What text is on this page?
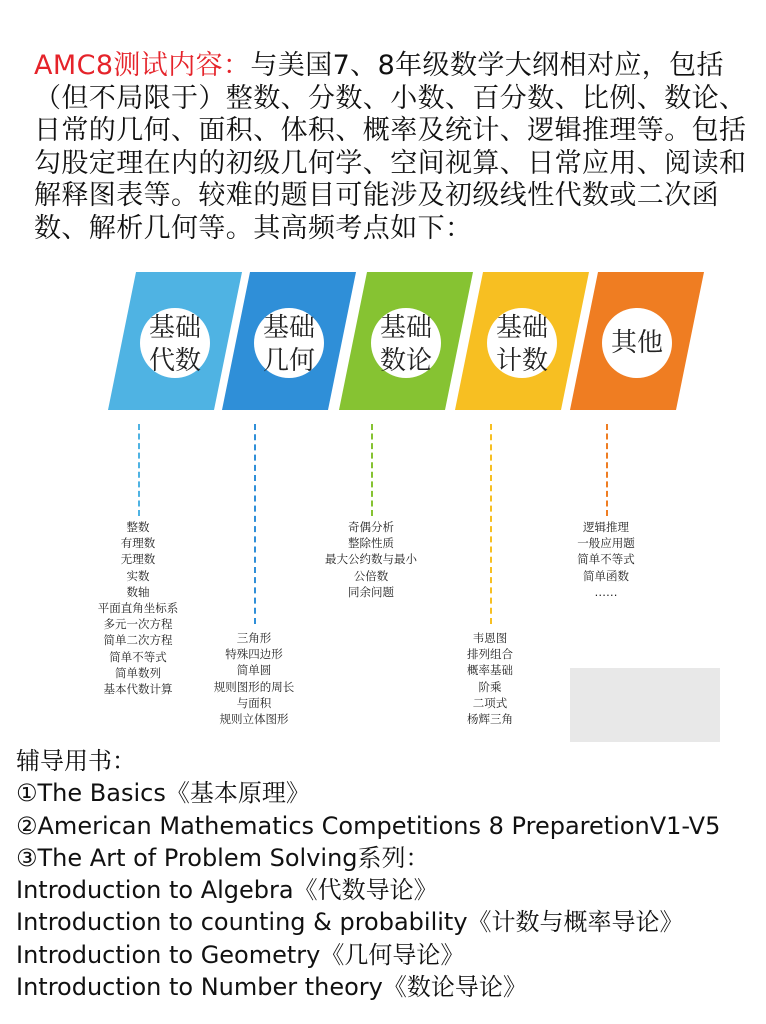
AMC8测试内容：与美国7、8年级数学大纲相对应，包括（但不局限于）整数、分数、小数、百分数、比例、数论、日常的几何、面积、体积、概率及统计、逻辑推理等。包括勾股定理在内的初级几何学、空间视算、日常应用、阅读和解释图表等。较难的题目可能涉及初级线性代数或二次函数、解析几何等。其高频考点如下：
基础
代数
基础
几何
基础
数论
基础
计数
其他
整数
有理数
无理数
实数
数轴
平面直角坐标系
多元一次方程
简单二次方程
简单不等式
简单数列
基本代数计算
三角形
特殊四边形
简单圆
规则图形的周长
与面积
规则立体图形
奇偶分析
整除性质
最大公约数与最小
公倍数
同余问题
韦恩图
排列组合
概率基础
阶乘
二项式
杨辉三角
逻辑推理
一般应用题
简单不等式
简单函数
……
辅导用书：
①The Basics《基本原理》
②American Mathematics Competitions 8 PreparetionV1-V5
③The Art of Problem Solving系列：
Introduction to Algebra《代数导论》
Introduction to counting & probability《计数与概率导论》
Introduction to Geometry《几何导论》
Introduction to Number theory《数论导论》
